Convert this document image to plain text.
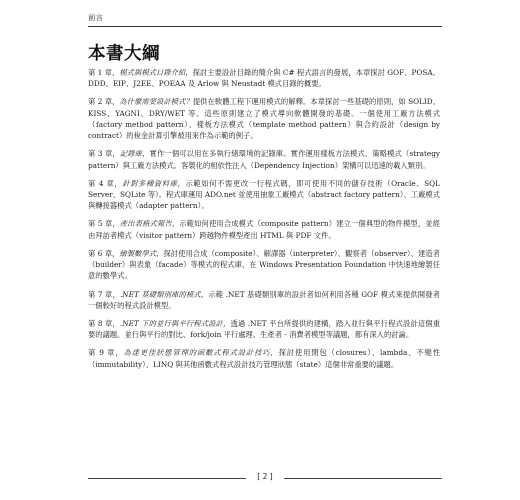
前言
本書大綱

第 1 章，模式與模式目錄介紹，探討主要設計目錄的簡介與 C# 程式語言的發展，本章探討 GOF、POSA、DDD、EIP、J2EE、POEAA 及 Arlow 與 Neustadt 模式目錄的概要。

第 2 章，為什麼需要設計模式？提供在軟體工程下運用模式的解釋。本章探討一些基礎的原則，如 SOLID、KISS、YAGNI、DRY/WET 等。這些原則建立了模式導向軟體開發的基礎。一個使用工廠方法模式（factory method pattern）、樣板方法模式（template method pattern）與合約設計（design by contract）的稅金計算引擎被用來作為示範的例子。

第 3 章，記錄庫，實作一個可以用在多執行緒環境的記錄庫。實作運用樣板方法模式、策略模式（strategy pattern）與工廠方法模式。客製化的相依性注入（Dependency Injection）架構可以迅速的載入類別。

第 4 章，針對多種資料庫，示範如何不需更改一行程式碼，即可使用不同的儲存技術（Oracle、SQL Server、SQLite 等）。程式庫運用 ADO.net 並使用抽象工廠模式（abstract factory pattern）、工廠模式與轉接器模式（adapter pattern）。

第 5 章，產出表格式報告，示範如何使用合成模式（composite pattern）建立一個典型的物件模型，並經由拜訪者模式（visitor pattern）跨越物件模型產出 HTML 與 PDF 文件。

第 6 章，繪製數學式，探討使用合成（composite）、解譯器（interpreter）、觀察者（observer）、建造者（builder）與表象（facade）等模式的程式庫，在 Windows Presentation Foundation 中快速地繪製任意的數學式。

第 7 章，.NET 基礎類別庫的模式，示範 .NET 基礎類別庫的設計者如何利用各種 GOF 模式來提供開發者一個較好的程式設計模型。

第 8 章，.NET 下的並行與平行程式設計，透過 .NET 平台所提供的建構，踏入並行與平行程式設計這個重要的議題。並行與平行的對比、fork/join 平行處理、生產者 - 消費者模型等議題，都有深入的討論。

第 9 章，為達更佳狀態管理的函數式程式設計技巧，探討使用閉包（closures）、lambda、不變性（immutability）、LINQ 與其他函數式程式設計技巧管理狀態（state）這個非常重要的議題。

[ 2 ]
